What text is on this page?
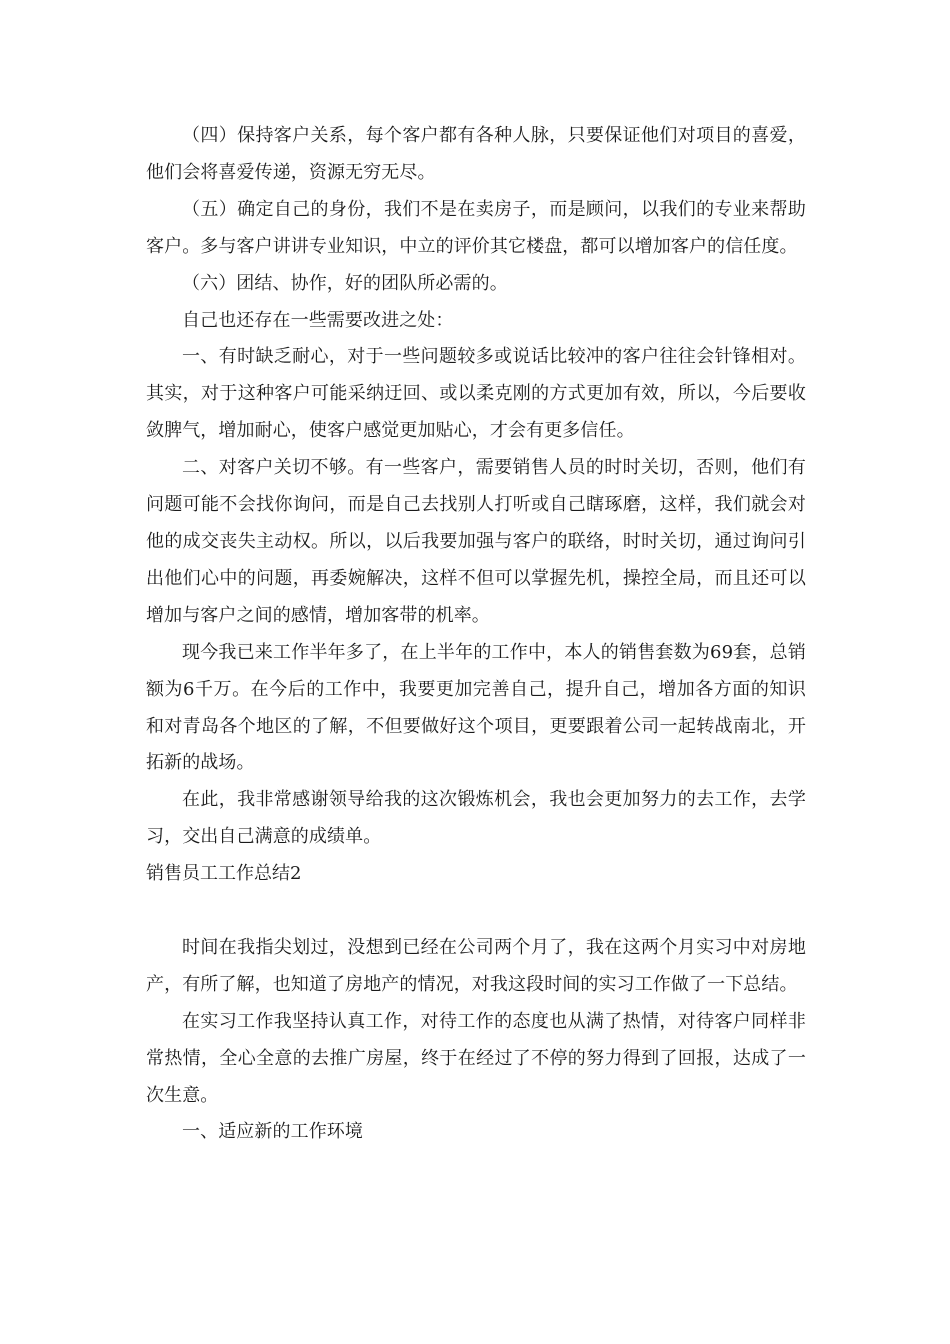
（四）保持客户关系，每个客户都有各种人脉，只要保证他们对项目的喜爱，他们会将喜爱传递，资源无穷无尽。

（五）确定自己的身份，我们不是在卖房子，而是顾问，以我们的专业来帮助客户。多与客户讲讲专业知识，中立的评价其它楼盘，都可以增加客户的信任度。

（六）团结、协作，好的团队所必需的。

自己也还存在一些需要改进之处：

一、有时缺乏耐心，对于一些问题较多或说话比较冲的客户往往会针锋相对。其实，对于这种客户可能采纳迂回、或以柔克刚的方式更加有效，所以，今后要收敛脾气，增加耐心，使客户感觉更加贴心，才会有更多信任。

二、对客户关切不够。有一些客户，需要销售人员的时时关切，否则，他们有问题可能不会找你询问，而是自己去找别人打听或自己瞎琢磨，这样，我们就会对他的成交丧失主动权。所以，以后我要加强与客户的联络，时时关切，通过询问引出他们心中的问题，再委婉解决，这样不但可以掌握先机，操控全局，而且还可以增加与客户之间的感情，增加客带的机率。

现今我已来工作半年多了，在上半年的工作中，本人的销售套数为69套，总销额为6千万。在今后的工作中，我要更加完善自己，提升自己，增加各方面的知识和对青岛各个地区的了解，不但要做好这个项目，更要跟着公司一起转战南北，开拓新的战场。

在此，我非常感谢领导给我的这次锻炼机会，我也会更加努力的去工作，去学习，交出自己满意的成绩单。

销售员工工作总结2

时间在我指尖划过，没想到已经在公司两个月了，我在这两个月实习中对房地产，有所了解，也知道了房地产的情况，对我这段时间的实习工作做了一下总结。

在实习工作我坚持认真工作，对待工作的态度也从满了热情，对待客户同样非常热情，全心全意的去推广房屋，终于在经过了不停的努力得到了回报，达成了一次生意。

一、适应新的工作环境
